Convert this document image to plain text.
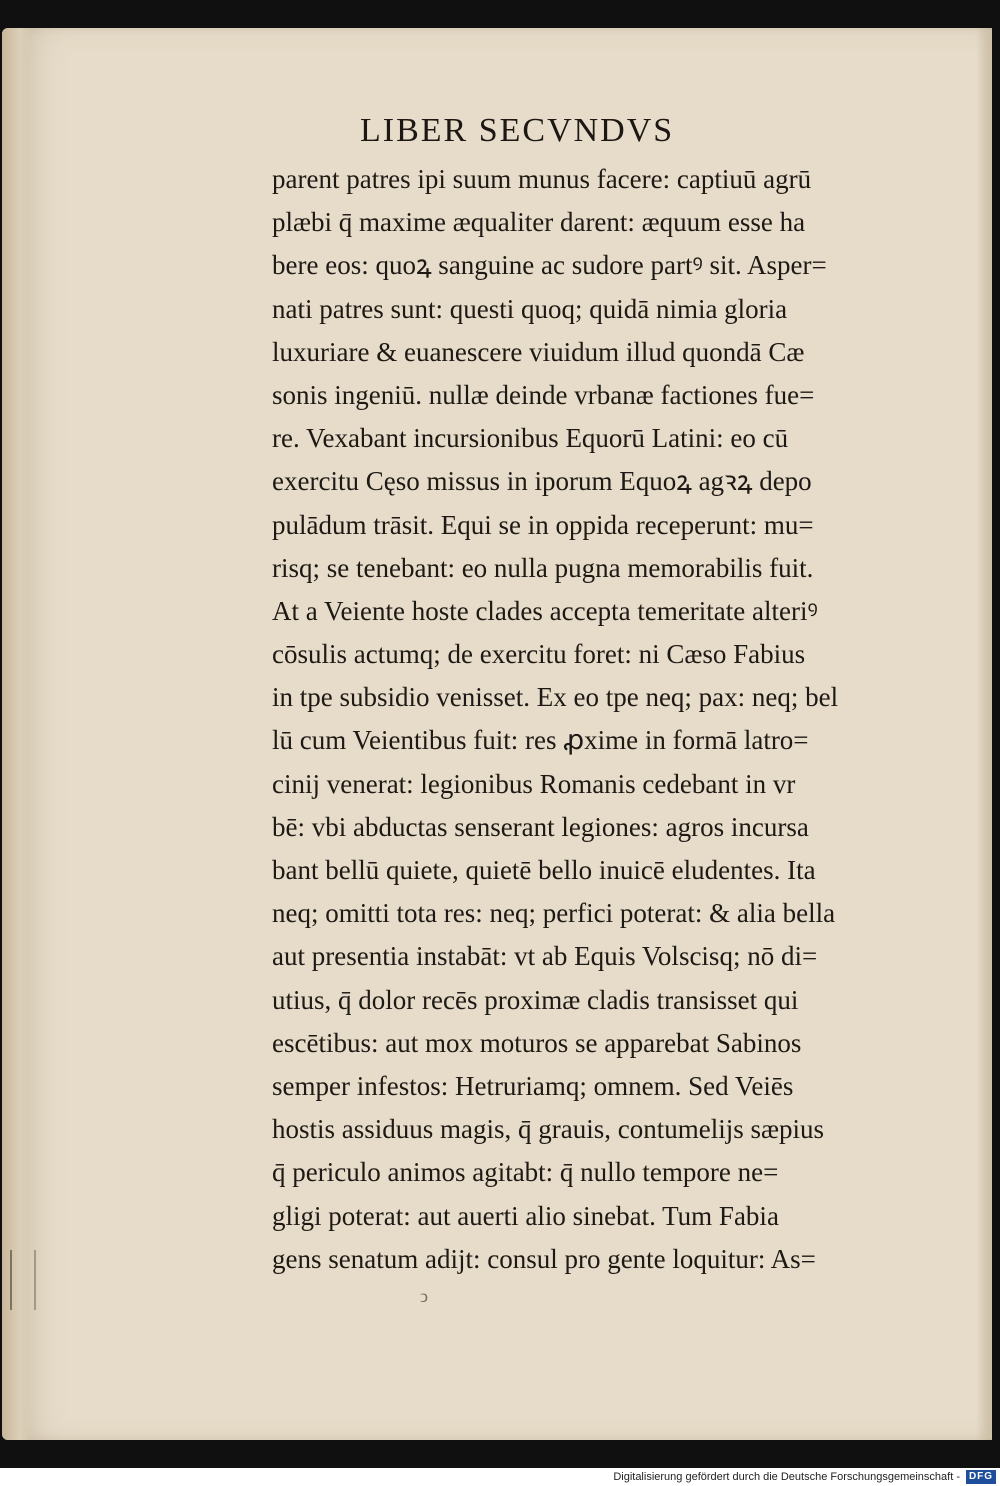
LIBER SECVNDVS
parent patres ipi suum munus facere: captiuū agrū
plæbi q̄ maxime æqualiter darent: æquum esse ha
bere eos: quoꝝ sanguine ac sudore partꝰ sit. Asper=
nati patres sunt: questi quoq; quidā nimia gloria
luxuriare & euanescere viuidum illud quondā Cæ
sonis ingeniū. nullæ deinde vrbanæ factiones fue=
re. Vexabant incursionibus Equorū Latini: eo cū
exercitu Cęso missus in iporum Equoꝝ agꝛꝝ depo
pulādum trāsit. Equi se in oppida receperunt: mu=
risq; se tenebant: eo nulla pugna memorabilis fuit.
At a Veiente hoste clades accepta temeritate alteriꝰ
cōsulis actumq; de exercitu foret: ni Cæso Fabius
in tpe subsidio venisset. Ex eo tpe neq; pax: neq; bel
lū cum Veientibus fuit: res ꝓxime in formā latro=
cinij venerat: legionibus Romanis cedebant in vr
bē: vbi abductas senserant legiones: agros incursa
bant bellū quiete, quietē bello inuicē eludentes. Ita
neq; omitti tota res: neq; perfici poterat: & alia bella
aut presentia instabāt: vt ab Equis Volscisq; nō di=
utius, q̄ dolor recēs proximæ cladis transisset qui
escētibus: aut mox moturos se apparebat Sabinos
semper infestos: Hetruriamq; omnem. Sed Veiēs
hostis assiduus magis, q̄ grauis, contumelijs sæpius
q̄ periculo animos agitabt: q̄ nullo tempore ne=
gligi poterat: aut auerti alio sinebat. Tum Fabia
gens senatum adijt: consul pro gente loquitur: As=
ↄ
Digitalisierung gefördert durch die Deutsche Forschungsgemeinschaft - DFG
